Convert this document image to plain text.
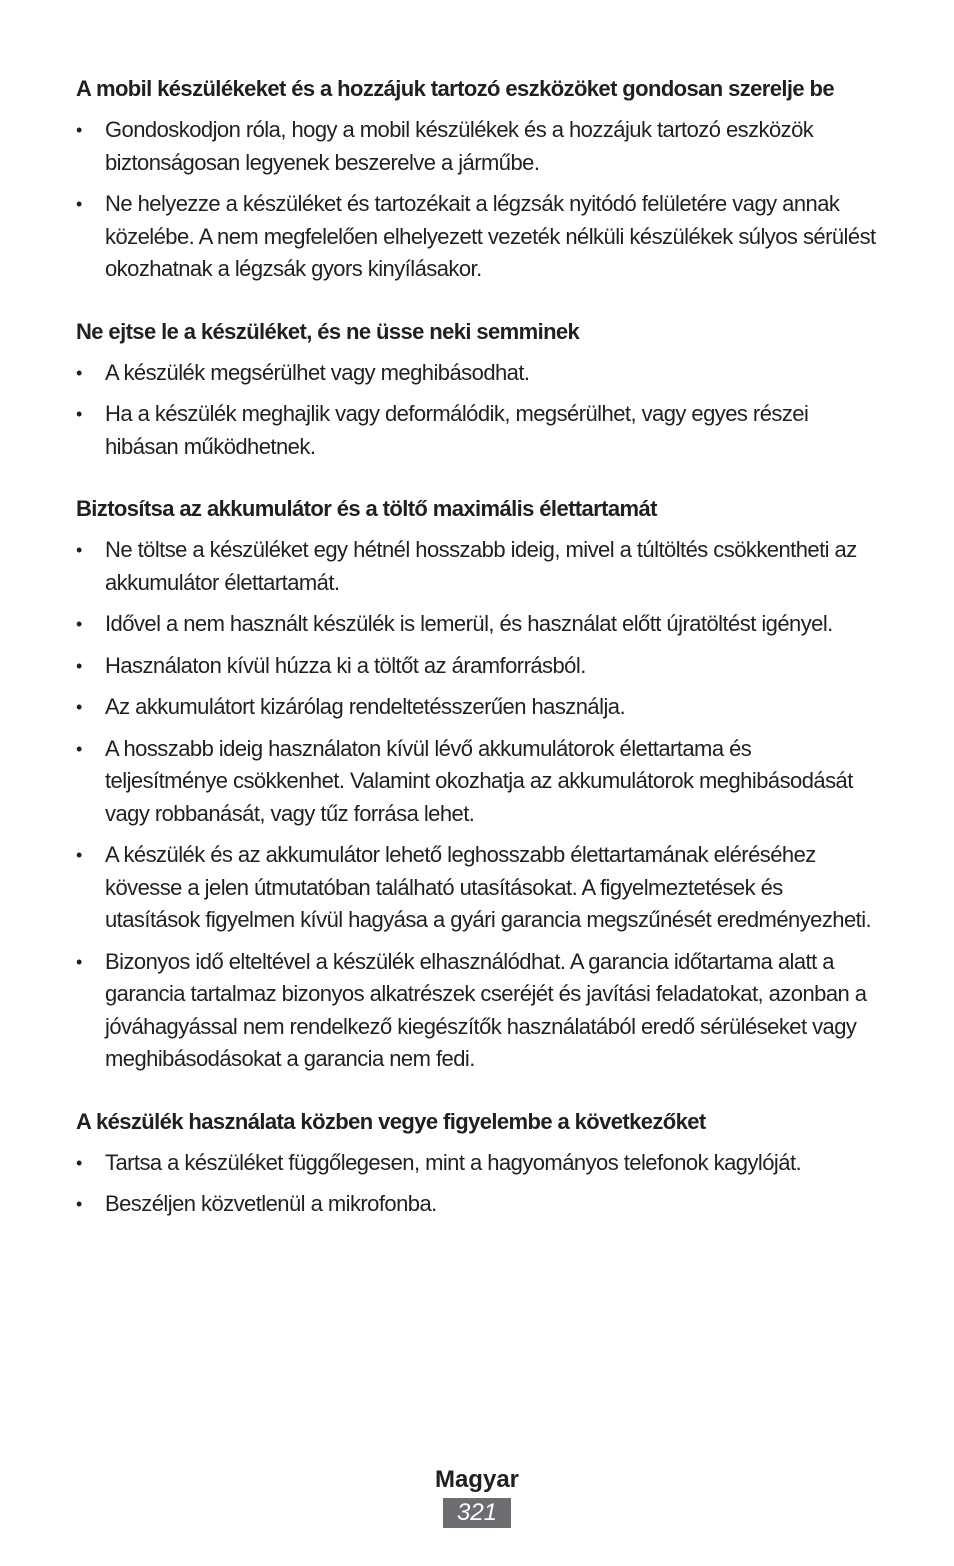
A mobil készülékeket és a hozzájuk tartozó eszközöket gondosan szerelje be
• Gondoskodjon róla, hogy a mobil készülékek és a hozzájuk tartozó eszközök biztonságosan legyenek beszerelve a járműbe.
• Ne helyezze a készüléket és tartozékait a légzsák nyitódó felületére vagy annak közelébe. A nem megfelelően elhelyezett vezeték nélküli készülékek súlyos sérülést okozhatnak a légzsák gyors kinyílásakor.
Ne ejtse le a készüléket, és ne üsse neki semminek
• A készülék megsérülhet vagy meghibásodhat.
• Ha a készülék meghajlik vagy deformálódik, megsérülhet, vagy egyes részei hibásan működhetnek.
Biztosítsa az akkumulátor és a töltő maximális élettartamát
• Ne töltse a készüléket egy hétnél hosszabb ideig, mivel a túltöltés csökkentheti az akkumulátor élettartamát.
• Idővel a nem használt készülék is lemerül, és használat előtt újratöltést igényel.
• Használaton kívül húzza ki a töltőt az áramforrásból.
• Az akkumulátort kizárólag rendeltetésszerűen használja.
• A hosszabb ideig használaton kívül lévő akkumulátorok élettartama és teljesítménye csökkenhet. Valamint okozhatja az akkumulátorok meghibásodását vagy robbanását, vagy tűz forrása lehet.
• A készülék és az akkumulátor lehető leghosszabb élettartamának eléréséhez kövesse a jelen útmutatóban található utasításokat. A figyelmeztetések és utasítások figyelmen kívül hagyása a gyári garancia megszűnését eredményezheti.
• Bizonyos idő elteltével a készülék elhasználódhat. A garancia időtartama alatt a garancia tartalmaz bizonyos alkatrészek cseréjét és javítási feladatokat, azonban a jóváhagyással nem rendelkező kiegészítők használatából eredő sérüléseket vagy meghibásodásokat a garancia nem fedi.
A készülék használata közben vegye figyelembe a következőket
• Tartsa a készüléket függőlegesen, mint a hagyományos telefonok kagylóját.
• Beszéljen közvetlenül a mikrofonba.
Magyar
321
